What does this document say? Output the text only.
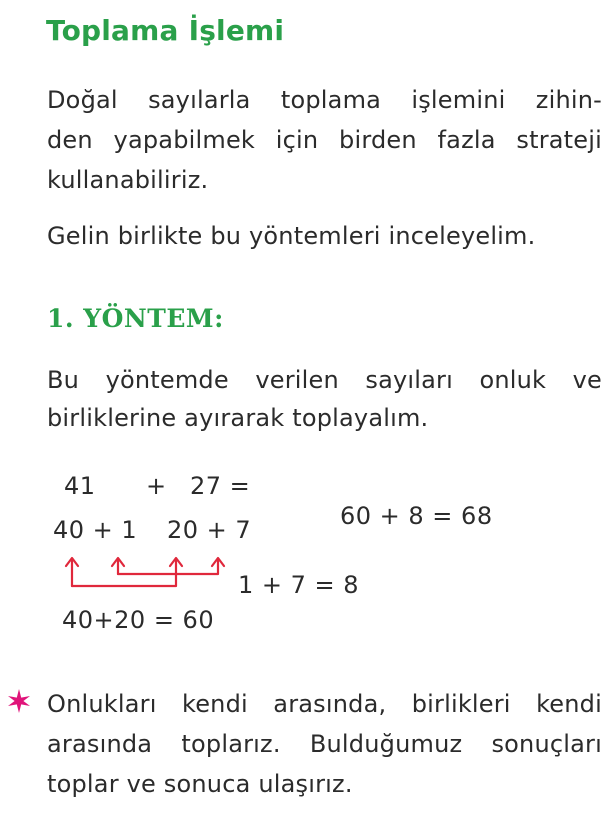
Toplama İşlemi
Doğal sayılarla toplama işlemini zihin-
den yapabilmek için birden fazla strateji
kullanabiliriz.
Gelin birlikte bu yöntemleri inceleyelim.
1. YÖNTEM:
Bu yöntemde verilen sayıları onluk ve
birliklerine ayırarak toplayalım.
41 + 27 =
40 + 1 20 + 7	60 + 8 = 68
1 + 7 = 8
40+20 = 60
Onlukları kendi arasında, birlikleri kendi
arasında toplarız. Bulduğumuz sonuçları
toplar ve sonuca ulaşırız.
